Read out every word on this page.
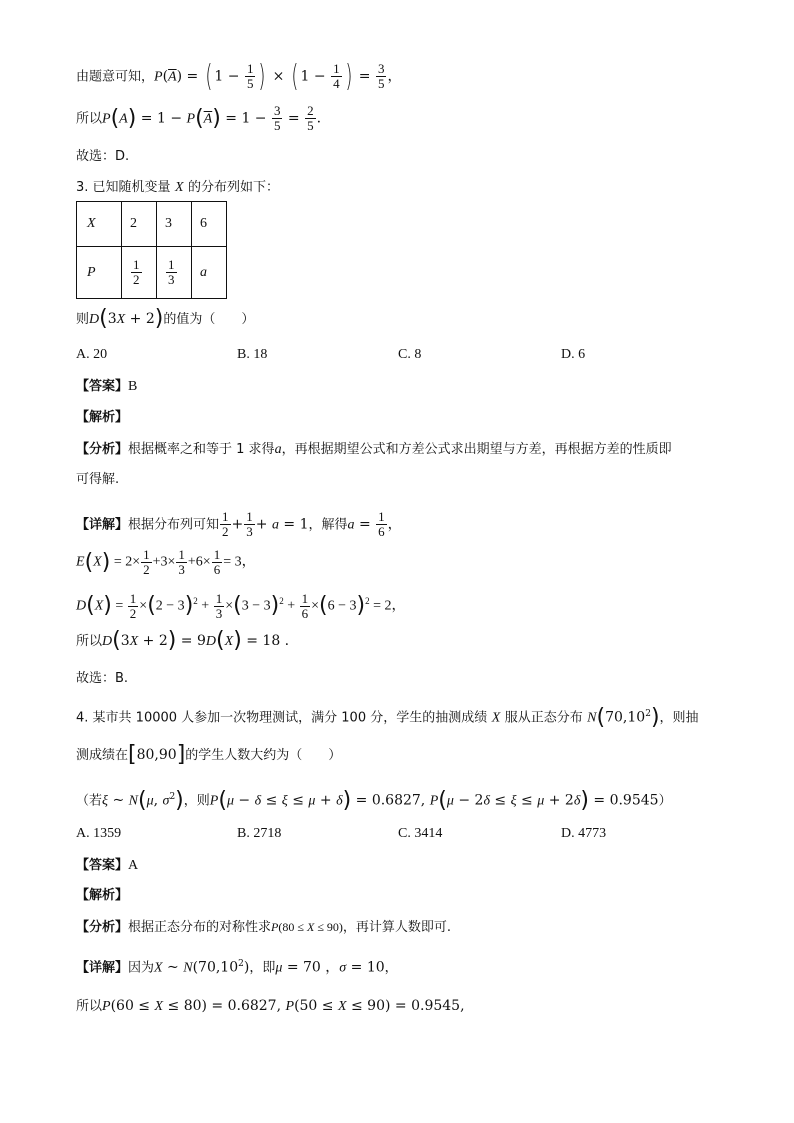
由题意可知，$P(\overline{A})$ = ( $1 - \frac{1}{5}$ ) × ( $1 - \frac{1}{4}$ ) = $\frac{3}{5}$ ，
所以$P(A) = 1 - P(\overline{A}) = 1 - \frac{3}{5} = \frac{2}{5}$ .
故选：D.
3. 已知随机变量 X 的分布列如下：
X	2	3	6
P	$\frac{1}{2}$	$\frac{1}{3}$	a
则D(3X + 2)的值为（　　）
A. 20	B. 18	C. 8	D. 6
【答案】B
【解析】
【分析】根据概率之和等于 1 求得a，再根据期望公式和方差公式求出期望与方差，再根据方差的性质即
可得解.
【详解】根据分布列可知 $\frac{1}{2} + \frac{1}{3} + a = 1$，解得$a = \frac{1}{6}$ ，
$E(X) = 2\times \frac{1}{2} +3\times \frac{1}{3} +6\times \frac{1}{6} = 3$，
$D(X) = \frac{1}{2} \times(2 - 3)^2 + \frac{1}{3} \times(3 - 3)^2 + \frac{1}{6} \times(6 - 3)^2 = 2$，
所以D(3X + 2) = 9D(X) = 18 .
故选：B.
4. 某市共 10000 人参加一次物理测试，满分 100 分，学生的抽测成绩 X 服从正态分布 N(70,10$^2$)，则抽
测成绩在[80,90]的学生人数大约为（　　）
（若ξ ~ N(μ, $\sigma^2$)，则P(μ − δ ≤ ξ ≤ μ + δ) = 0.6827, P(μ − 2δ ≤ ξ ≤ μ + 2δ) = 0.9545）
A. 1359	B. 2718	C. 3414	D. 4773
【答案】A
【解析】
【分析】根据正态分布的对称性求P(80 ≤ X ≤ 90)，再计算人数即可.
【详解】因为X ~ N(70,10$^2$)，即μ = 70 ，σ = 10，
所以P(60 ≤ X ≤ 80) = 0.6827, P(50 ≤ X ≤ 90) = 0.9545,
